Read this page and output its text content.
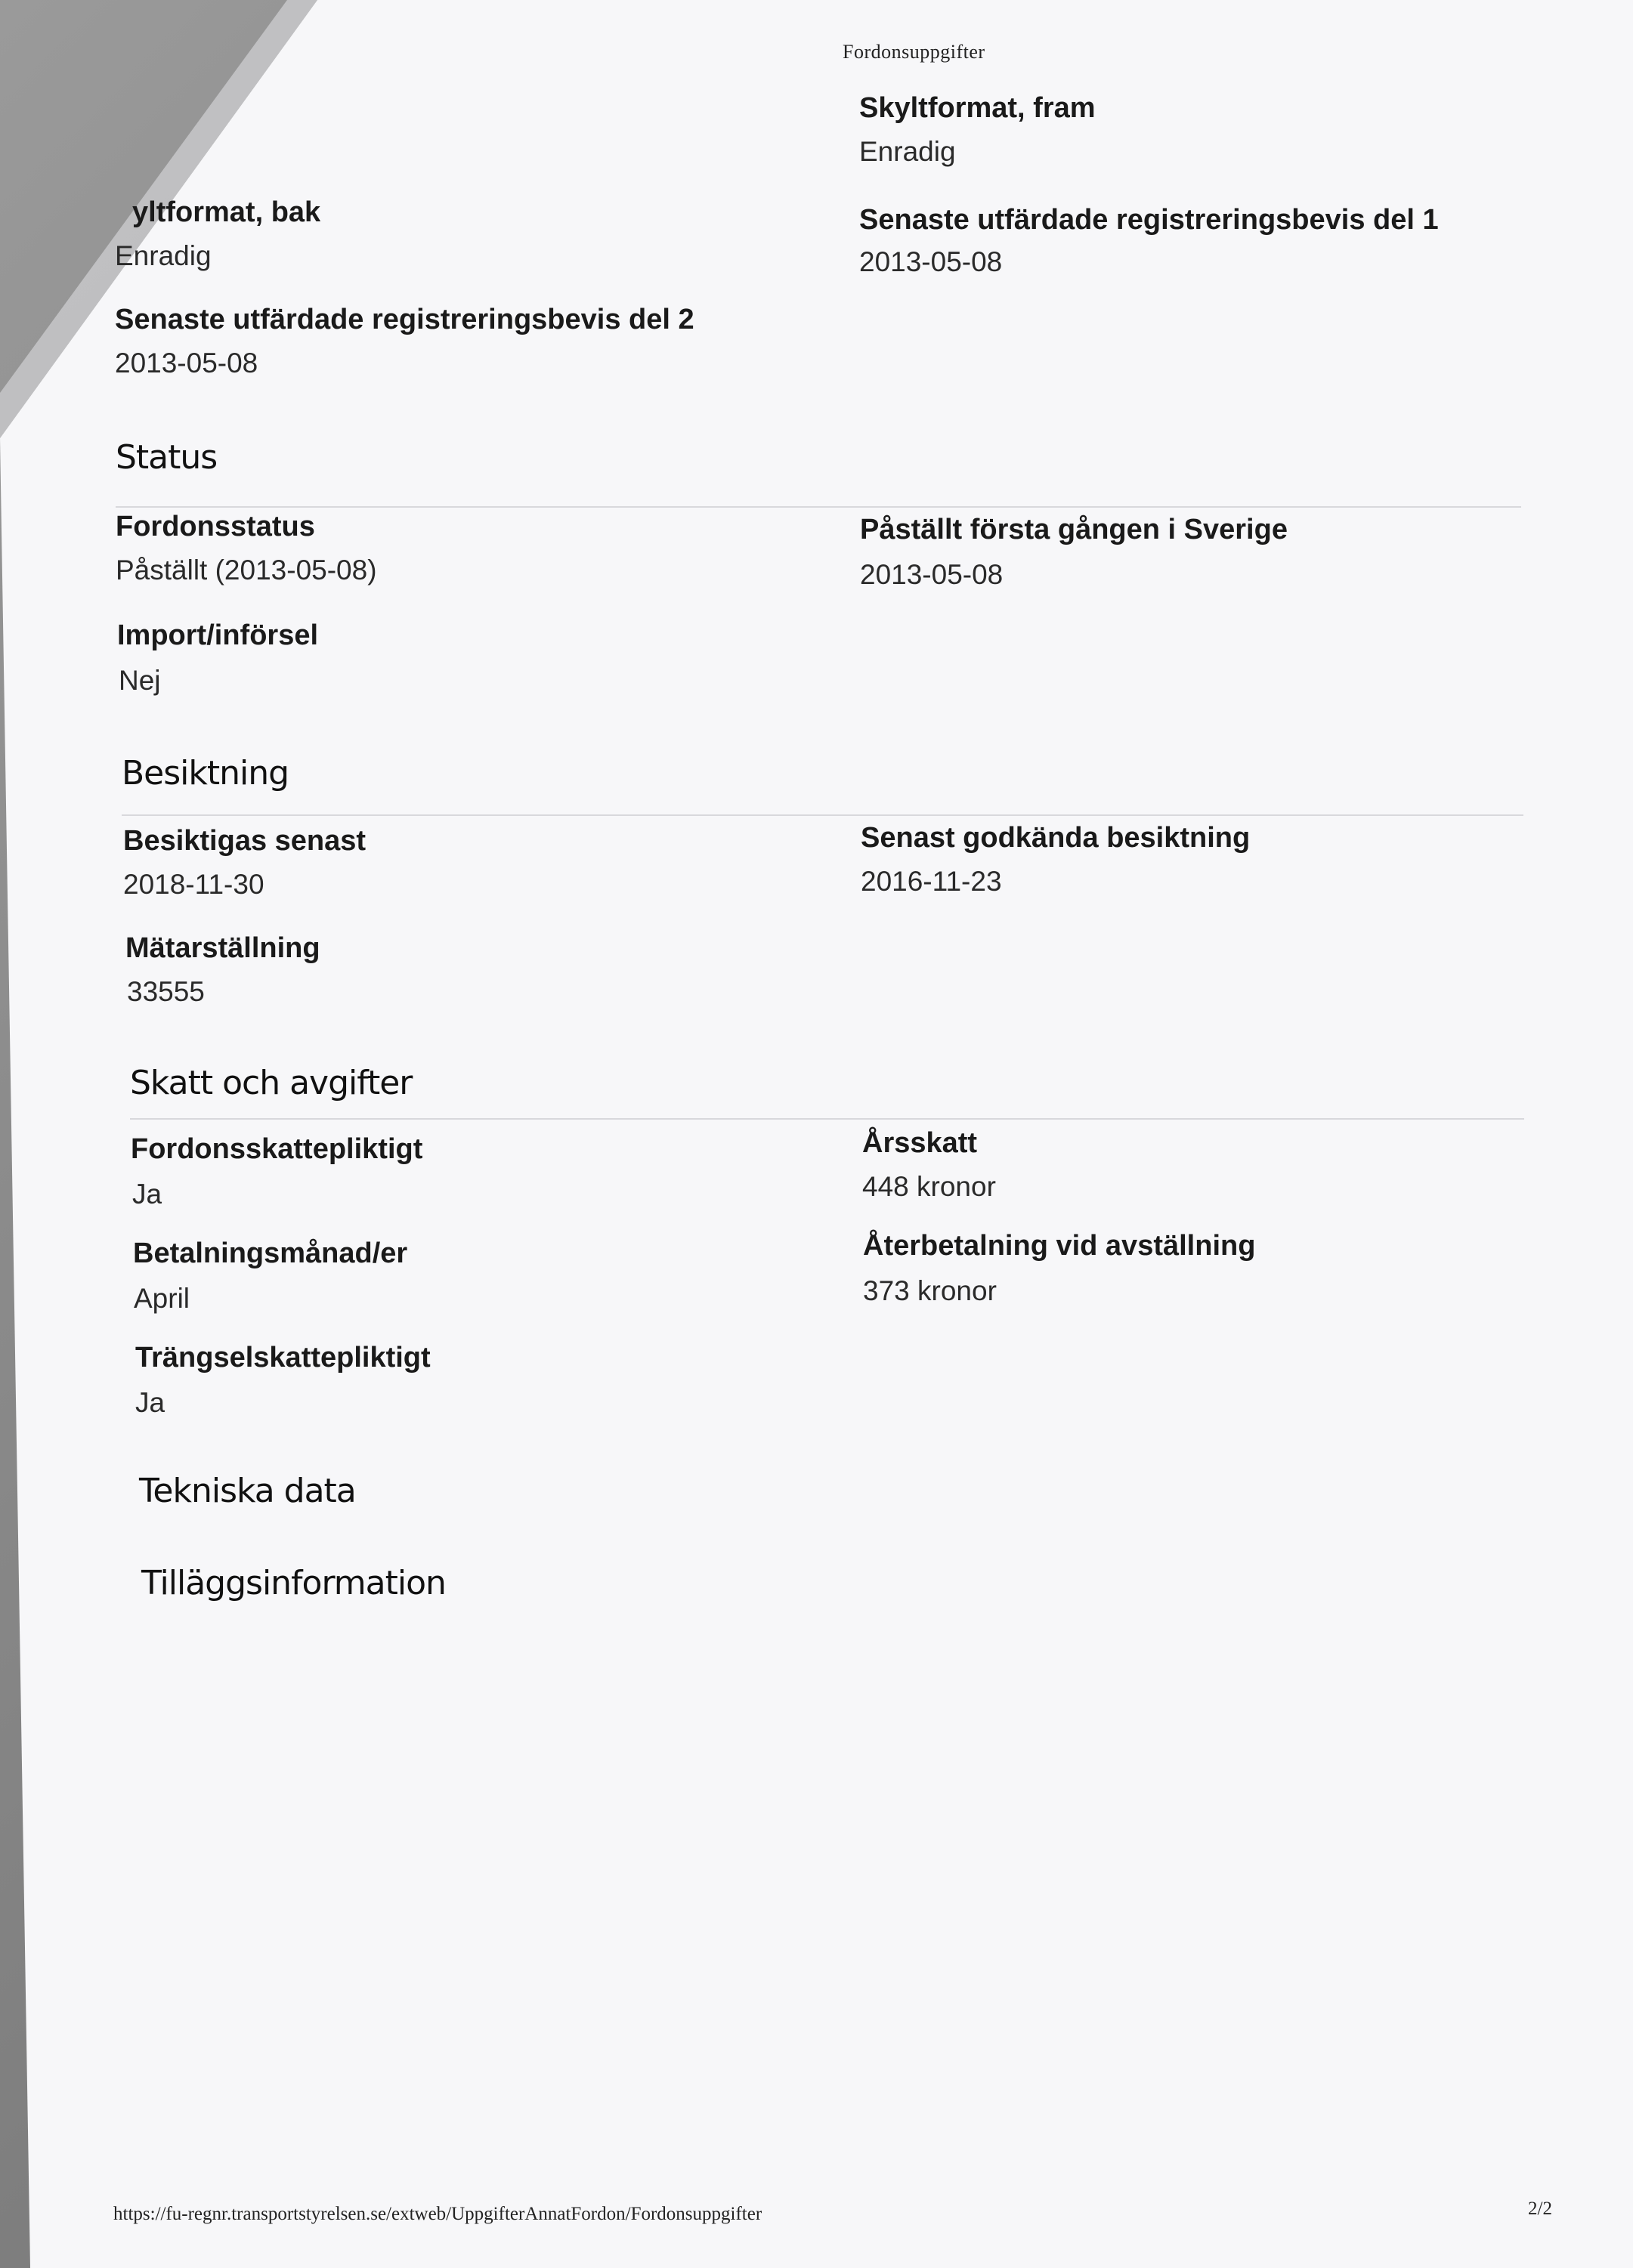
Fordonsuppgifter
Skyltformat, fram
Enradig
yltformat, bak
Enradig
Senaste utfärdade registreringsbevis del 1
2013-05-08
Senaste utfärdade registreringsbevis del 2
2013-05-08
Status
Fordonsstatus
Påställt (2013-05-08)
Påställt första gången i Sverige
2013-05-08
Import/införsel
Nej
Besiktning
Besiktigas senast
2018-11-30
Senast godkända besiktning
2016-11-23
Mätarställning
33555
Skatt och avgifter
Fordonsskattepliktigt
Ja
Årsskatt
448 kronor
Betalningsmånad/er
April
Återbetalning vid avställning
373 kronor
Trängselskattepliktigt
Ja
Tekniska data
Tilläggsinformation
https://fu-regnr.transportstyrelsen.se/extweb/UppgifterAnnatFordon/Fordonsuppgifter	2/2
